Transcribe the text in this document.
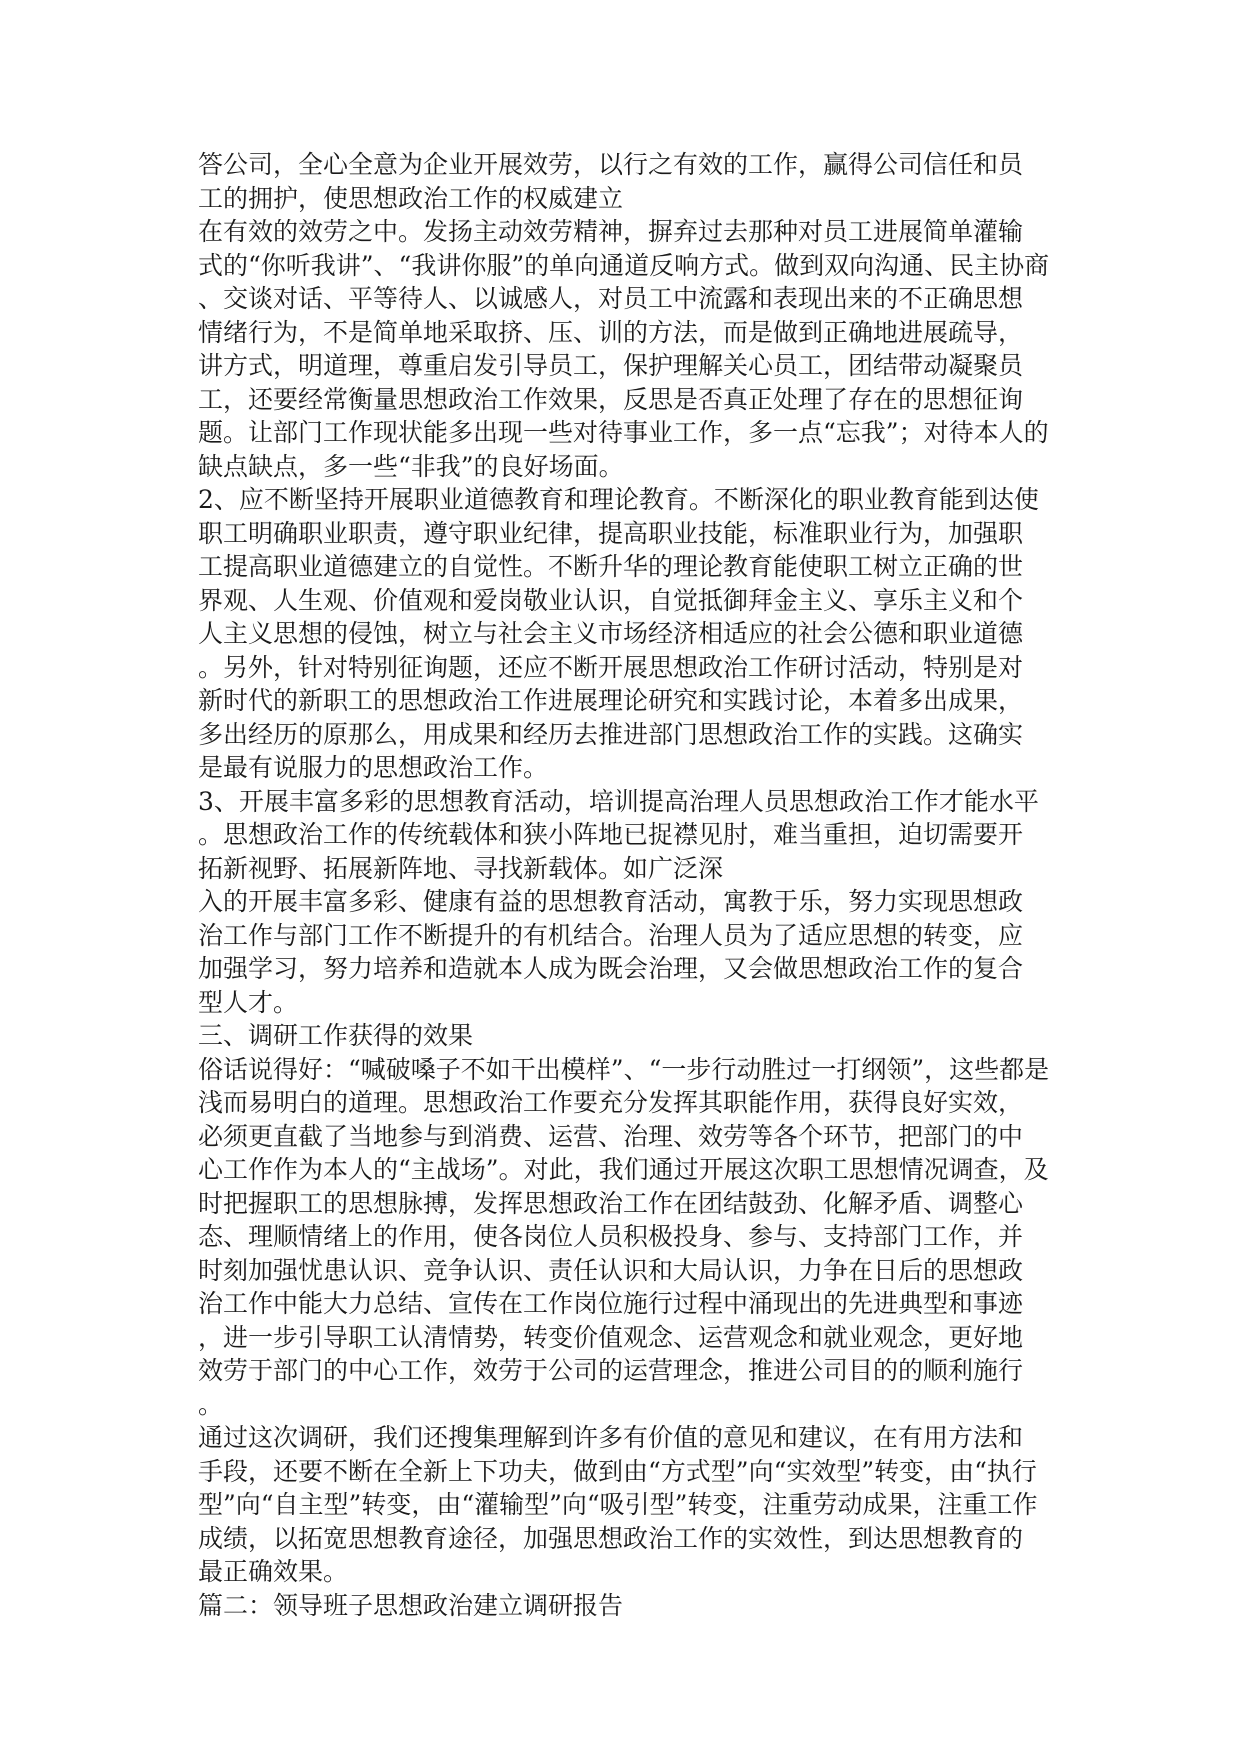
答公司，全心全意为企业开展效劳，以行之有效的工作，赢得公司信任和员
工的拥护，使思想政治工作的权威建立
在有效的效劳之中。发扬主动效劳精神，摒弃过去那种对员工进展简单灌输
式的“你听我讲”、“我讲你服”的单向通道反响方式。做到双向沟通、民主协商
、交谈对话、平等待人、以诚感人，对员工中流露和表现出来的不正确思想
情绪行为，不是简单地采取挤、压、训的方法，而是做到正确地进展疏导，
讲方式，明道理，尊重启发引导员工，保护理解关心员工，团结带动凝聚员
工，还要经常衡量思想政治工作效果，反思是否真正处理了存在的思想征询
题。让部门工作现状能多出现一些对待事业工作，多一点“忘我”；对待本人的
缺点缺点，多一些“非我”的良好场面。
2、应不断坚持开展职业道德教育和理论教育。不断深化的职业教育能到达使
职工明确职业职责，遵守职业纪律，提高职业技能，标准职业行为，加强职
工提高职业道德建立的自觉性。不断升华的理论教育能使职工树立正确的世
界观、人生观、价值观和爱岗敬业认识，自觉抵御拜金主义、享乐主义和个
人主义思想的侵蚀，树立与社会主义市场经济相适应的社会公德和职业道德
。另外，针对特别征询题，还应不断开展思想政治工作研讨活动，特别是对
新时代的新职工的思想政治工作进展理论研究和实践讨论，本着多出成果，
多出经历的原那么，用成果和经历去推进部门思想政治工作的实践。这确实
是最有说服力的思想政治工作。
3、开展丰富多彩的思想教育活动，培训提高治理人员思想政治工作才能水平
。思想政治工作的传统载体和狭小阵地已捉襟见肘，难当重担，迫切需要开
拓新视野、拓展新阵地、寻找新载体。如广泛深
入的开展丰富多彩、健康有益的思想教育活动，寓教于乐，努力实现思想政
治工作与部门工作不断提升的有机结合。治理人员为了适应思想的转变，应
加强学习，努力培养和造就本人成为既会治理，又会做思想政治工作的复合
型人才。
三、调研工作获得的效果
俗话说得好：“喊破嗓子不如干出模样”、“一步行动胜过一打纲领”，这些都是
浅而易明白的道理。思想政治工作要充分发挥其职能作用，获得良好实效，
必须更直截了当地参与到消费、运营、治理、效劳等各个环节，把部门的中
心工作作为本人的“主战场”。对此，我们通过开展这次职工思想情况调查，及
时把握职工的思想脉搏，发挥思想政治工作在团结鼓劲、化解矛盾、调整心
态、理顺情绪上的作用，使各岗位人员积极投身、参与、支持部门工作，并
时刻加强忧患认识、竞争认识、责任认识和大局认识，力争在日后的思想政
治工作中能大力总结、宣传在工作岗位施行过程中涌现出的先进典型和事迹
，进一步引导职工认清情势，转变价值观念、运营观念和就业观念，更好地
效劳于部门的中心工作，效劳于公司的运营理念，推进公司目的的顺利施行
。
通过这次调研，我们还搜集理解到许多有价值的意见和建议，在有用方法和
手段，还要不断在全新上下功夫，做到由“方式型”向“实效型”转变，由“执行
型”向“自主型”转变，由“灌输型”向“吸引型”转变，注重劳动成果，注重工作
成绩，以拓宽思想教育途径，加强思想政治工作的实效性，到达思想教育的
最正确效果。
篇二：领导班子思想政治建立调研报告
